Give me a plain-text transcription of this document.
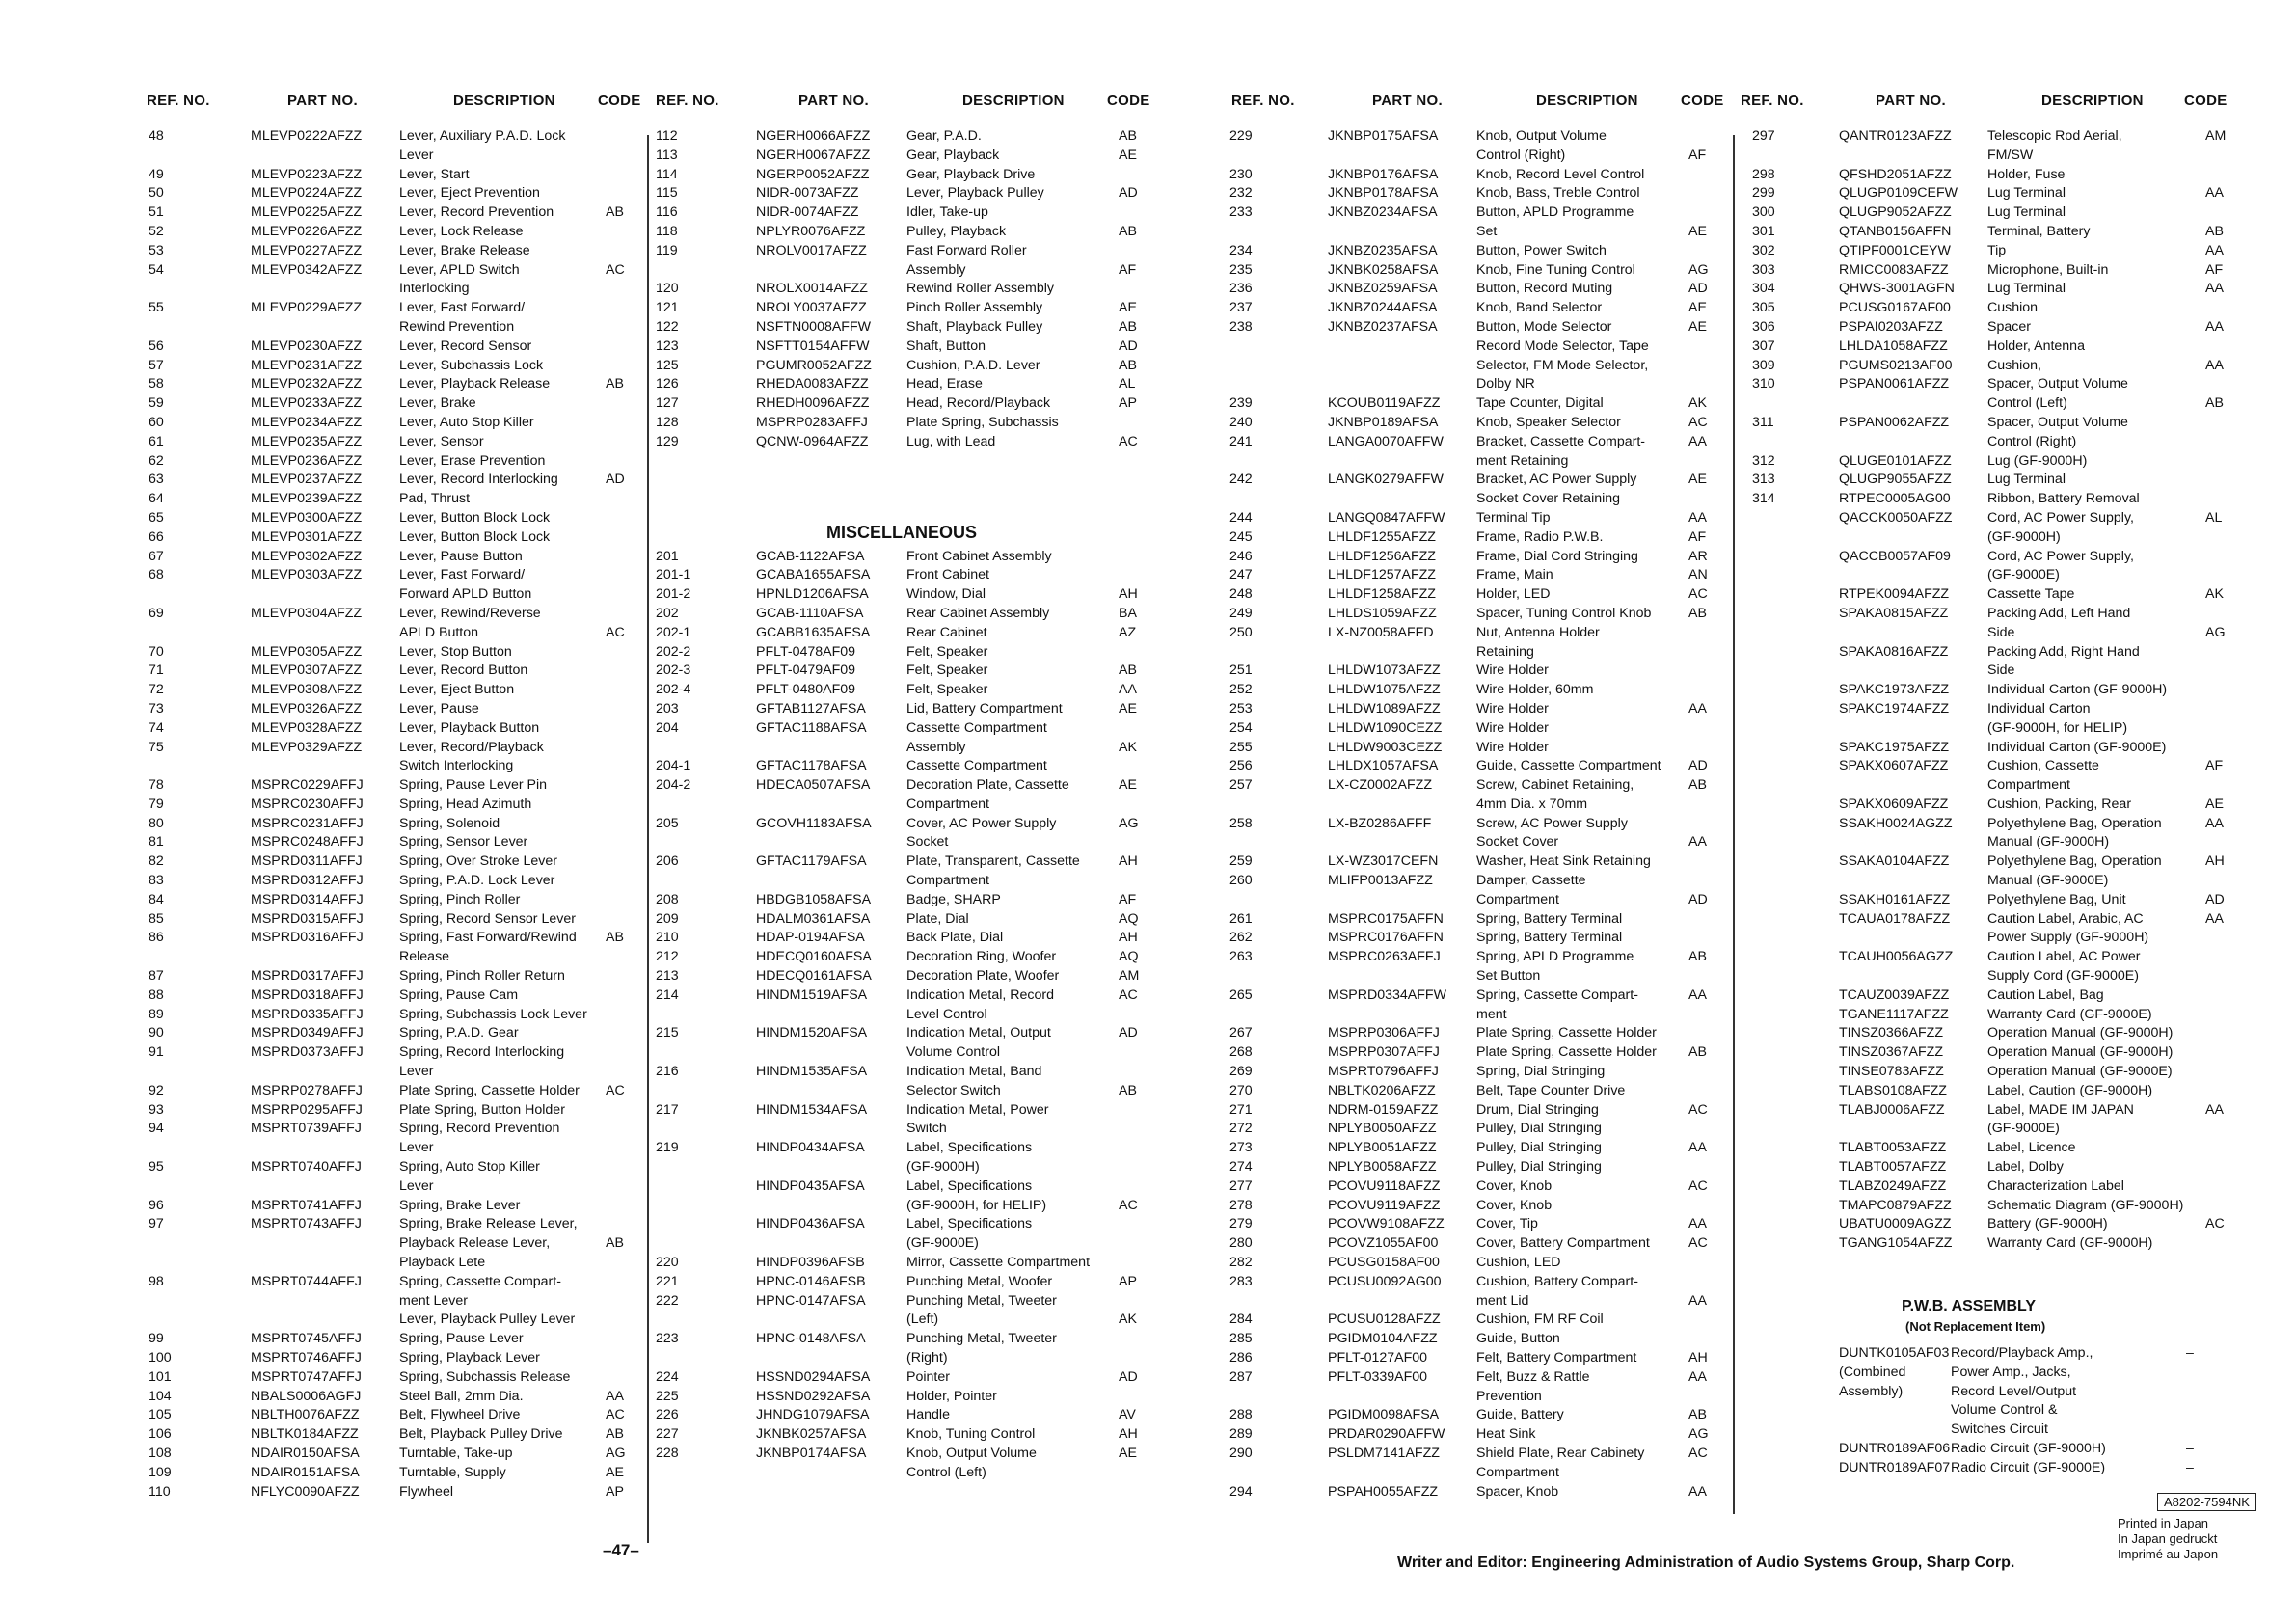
REF. NO.	PART NO.	DESCRIPTION	CODE
48	MLEVP0222AFZZ	Lever, Auxiliary P.A.D. Lock
Lever
49	MLEVP0223AFZZ	Lever, Start
50	MLEVP0224AFZZ	Lever, Eject Prevention
51	MLEVP0225AFZZ	Lever, Record Prevention	AB
52	MLEVP0226AFZZ	Lever, Lock Release
53	MLEVP0227AFZZ	Lever, Brake Release
54	MLEVP0342AFZZ	Lever, APLD Switch	AC
Interlocking
55	MLEVP0229AFZZ	Lever, Fast Forward/
Rewind Prevention
56	MLEVP0230AFZZ	Lever, Record Sensor
57	MLEVP0231AFZZ	Lever, Subchassis Lock
58	MLEVP0232AFZZ	Lever, Playback Release	AB
59	MLEVP0233AFZZ	Lever, Brake
60	MLEVP0234AFZZ	Lever, Auto Stop Killer
61	MLEVP0235AFZZ	Lever, Sensor
62	MLEVP0236AFZZ	Lever, Erase Prevention
63	MLEVP0237AFZZ	Lever, Record Interlocking	AD
64	MLEVP0239AFZZ	Pad, Thrust
65	MLEVP0300AFZZ	Lever, Button Block Lock
66	MLEVP0301AFZZ	Lever, Button Block Lock
67	MLEVP0302AFZZ	Lever, Pause Button
68	MLEVP0303AFZZ	Lever, Fast Forward/
Forward APLD Button
69	MLEVP0304AFZZ	Lever, Rewind/Reverse
APLD Button	AC
70	MLEVP0305AFZZ	Lever, Stop Button
71	MLEVP0307AFZZ	Lever, Record Button
72	MLEVP0308AFZZ	Lever, Eject Button
73	MLEVP0326AFZZ	Lever, Pause
74	MLEVP0328AFZZ	Lever, Playback Button
75	MLEVP0329AFZZ	Lever, Record/Playback
Switch Interlocking
78	MSPRC0229AFFJ	Spring, Pause Lever Pin
79	MSPRC0230AFFJ	Spring, Head Azimuth
80	MSPRC0231AFFJ	Spring, Solenoid
81	MSPRC0248AFFJ	Spring, Sensor Lever
82	MSPRD0311AFFJ	Spring, Over Stroke Lever
83	MSPRD0312AFFJ	Spring, P.A.D. Lock Lever
84	MSPRD0314AFFJ	Spring, Pinch Roller
85	MSPRD0315AFFJ	Spring, Record Sensor Lever
86	MSPRD0316AFFJ	Spring, Fast Forward/Rewind AB
Release
87	MSPRD0317AFFJ	Spring, Pinch Roller Return
88	MSPRD0318AFFJ	Spring, Pause Cam
89	MSPRD0335AFFJ	Spring, Subchassis Lock Lever
90	MSPRD0349AFFJ	Spring, P.A.D. Gear
91	MSPRD0373AFFJ	Spring, Record Interlocking
Lever
92	MSPRP0278AFFJ	Plate Spring, Cassette Holder AC
93	MSPRP0295AFFJ	Plate Spring, Button Holder
94	MSPRT0739AFFJ	Spring, Record Prevention
Lever
95	MSPRT0740AFFJ	Spring, Auto Stop Killer
Lever
96	MSPRT0741AFFJ	Spring, Brake Lever
97	MSPRT0743AFFJ	Spring, Brake Release Lever,
Playback Release Lever,	AB
Playback Lete
98	MSPRT0744AFFJ	Spring, Cassette Compart-
ment Lever
Lever, Playback Pulley Lever
99	MSPRT0745AFFJ	Spring, Pause Lever
100	MSPRT0746AFFJ	Spring, Playback Lever
101	MSPRT0747AFFJ	Spring, Subchassis Release
104	NBALS0006AGFJ	Steel Ball, 2mm Dia.	AA
105	NBLTH0076AFZZ	Belt, Flywheel Drive	AC
106	NBLTK0184AFZZ	Belt, Playback Pulley Drive	AB
108	NDAIR0150AFSA	Turntable, Take-up	AG
109	NDAIR0151AFSA	Turntable, Supply	AE
110	NFLYC0090AFZZ	Flywheel	AP
REF. NO.	PART NO.	DESCRIPTION	CODE
112	NGERH0066AFZZ	Gear, P.A.D.	AB
113	NGERH0067AFZZ	Gear, Playback	AE
114	NGERP0052AFZZ	Gear, Playback Drive
115	NIDR-0073AFZZ	Lever, Playback Pulley	AD
116	NIDR-0074AFZZ	Idler, Take-up
118	NPLYR0076AFZZ	Pulley, Playback	AB
119	NROLV0017AFZZ	Fast Forward Roller
Assembly	AF
120	NROLX0014AFZZ	Rewind Roller Assembly
121	NROLY0037AFZZ	Pinch Roller Assembly	AE
122	NSFTN0008AFFW	Shaft, Playback Pulley	AB
123	NSFTT0154AFFW	Shaft, Button	AD
125	PGUMR0052AFZZ	Cushion, P.A.D. Lever	AB
126	RHEDA0083AFZZ	Head, Erase	AL
127	RHEDH0096AFZZ	Head, Record/Playback	AP
128	MSPRP0283AFFJ	Plate Spring, Subchassis
129	QCNW-0964AFZZ	Lug, with Lead	AC
201	GCAB-1122AFSA	Front Cabinet Assembly
201-1	GCABA1655AFSA	Front Cabinet
201-2	HPNLD1206AFSA	Window, Dial	AH
202	GCAB-1110AFSA	Rear Cabinet Assembly	BA
202-1	GCABB1635AFSA	Rear Cabinet	AZ
202-2	PFLT-0478AF09	Felt, Speaker
202-3	PFLT-0479AF09	Felt, Speaker	AB
202-4	PFLT-0480AF09	Felt, Speaker	AA
203	GFTAB1127AFSA	Lid, Battery Compartment	AE
204	GFTAC1188AFSA	Cassette Compartment
Assembly	AK
204-1	GFTAC1178AFSA	Cassette Compartment
204-2	HDECA0507AFSA	Decoration Plate, Cassette	AE
Compartment
205	GCOVH1183AFSA	Cover, AC Power Supply	AG
Socket
206	GFTAC1179AFSA	Plate, Transparent, Cassette	AH
Compartment
208	HBDGB1058AFSA	Badge, SHARP	AF
209	HDALM0361AFSA	Plate, Dial	AQ
210	HDAP-0194AFSA	Back Plate, Dial	AH
212	HDECQ0160AFSA	Decoration Ring, Woofer	AQ
213	HDECQ0161AFSA	Decoration Plate, Woofer	AM
214	HINDM1519AFSA	Indication Metal, Record	AC
Level Control
215	HINDM1520AFSA	Indication Metal, Output	AD
Volume Control
216	HINDM1535AFSA	Indication Metal, Band
Selector Switch	AB
217	HINDM1534AFSA	Indication Metal, Power
Switch
219	HINDP0434AFSA	Label, Specifications
(GF-9000H)
HINDP0435AFSA	Label, Specifications
(GF-9000H, for HELIP)	AC
HINDP0436AFSA	Label, Specifications
(GF-9000E)
220	HINDP0396AFSB	Mirror, Cassette Compartment
221	HPNC-0146AFSB	Punching Metal, Woofer	AP
222	HPNC-0147AFSA	Punching Metal, Tweeter
(Left)	AK
223	HPNC-0148AFSA	Punching Metal, Tweeter
(Right)
224	HSSND0294AFSA	Pointer	AD
225	HSSND0292AFSA	Holder, Pointer
226	JHNDG1079AFSA	Handle	AV
227	JKNBK0257AFSA	Knob, Tuning Control	AH
228	JKNBP0174AFSA	Knob, Output Volume	AE
Control (Left)
MISCELLANEOUS
REF. NO.	PART NO.	DESCRIPTION	CODE
229	JKNBP0175AFSA	Knob, Output Volume
Control (Right)	AF
230	JKNBP0176AFSA	Knob, Record Level Control
232	JKNBP0178AFSA	Knob, Bass, Treble Control
233	JKNBZ0234AFSA	Button, APLD Programme
Set	AE
234	JKNBZ0235AFSA	Button, Power Switch
235	JKNBK0258AFSA	Knob, Fine Tuning Control	AG
236	JKNBZ0259AFSA	Button, Record Muting	AD
237	JKNBZ0244AFSA	Knob, Band Selector	AE
238	JKNBZ0237AFSA	Button, Mode Selector	AE
Record Mode Selector, Tape
Selector, FM Mode Selector,
Dolby NR
239	KCOUB0119AFZZ	Tape Counter, Digital	AK
240	JKNBP0189AFSA	Knob, Speaker Selector	AC
241	LANGA0070AFFW Bracket, Cassette Compart-	AA
ment Retaining
242	LANGK0279AFFW Bracket, AC Power Supply	AE
Socket Cover Retaining
244	LANGQ0847AFFW Terminal Tip	AA
245	LHLDF1255AFZZ	Frame, Radio P.W.B.	AF
246	LHLDF1256AFZZ	Frame, Dial Cord Stringing	AR
247	LHLDF1257AFZZ	Frame, Main	AN
248	LHLDF1258AFZZ	Holder, LED	AC
249	LHLDS1059AFZZ	Spacer, Tuning Control Knob	AB
250	LX-NZ0058AFFD	Nut, Antenna Holder
Retaining
251	LHLDW1073AFZZ	Wire Holder
252	LHLDW1075AFZZ	Wire Holder, 60mm
253	LHLDW1089AFZZ	Wire Holder	AA
254	LHLDW1090CEZZ	Wire Holder
255	LHLDW9003CEZZ	Wire Holder
256	LHLDX1057AFSA	Guide, Cassette Compartment AD
257	LX-CZ0002AFZZ	Screw, Cabinet Retaining,	AB
4mm Dia. x 70mm
258	LX-BZ0286AFFF	Screw, AC Power Supply
Socket Cover	AA
259	LX-WZ3017CEFN	Washer, Heat Sink Retaining
260	MLIFP0013AFZZ	Damper, Cassette
Compartment	AD
261	MSPRC0175AFFN Spring, Battery Terminal
262	MSPRC0176AFFN Spring, Battery Terminal
263	MSPRC0263AFFJ	Spring, APLD Programme	AB
Set Button
265	MSPRD0334AFFW Spring, Cassette Compart-	AA
ment
267	MSPRP0306AFFJ	Plate Spring, Cassette Holder
268	MSPRP0307AFFJ	Plate Spring, Cassette Holder AB
269	MSPRT0796AFFJ	Spring, Dial Stringing
270	NBLTK0206AFZZ	Belt, Tape Counter Drive
271	NDRM-0159AFZZ	Drum, Dial Stringing	AC
272	NPLYB0050AFZZ	Pulley, Dial Stringing
273	NPLYB0051AFZZ	Pulley, Dial Stringing	AA
274	NPLYB0058AFZZ	Pulley, Dial Stringing
277	PCOVU9118AFZZ	Cover, Knob	AC
278	PCOVU9119AFZZ	Cover, Knob
279	PCOVW9108AFZZ Cover, Tip	AA
280	PCOVZ1055AF00	Cover, Battery Compartment	AC
282	PCUSG0158AF00	Cushion, LED
283	PCUSU0092AG00	Cushion, Battery Compart-
ment Lid	AA
284	PCUSU0128AFZZ	Cushion, FM RF Coil
285	PGIDM0104AFZZ	Guide, Button
286	PFLT-0127AF00	Felt, Battery Compartment	AH
287	PFLT-0339AF00	Felt, Buzz & Rattle	AA
Prevention
288	PGIDM0098AFSA	Guide, Battery	AB
289	PRDAR0290AFFW Heat Sink	AG
290	PSLDM7141AFZZ	Shield Plate, Rear Cabinety	AC
Compartment
294	PSPAH0055AFZZ	Spacer, Knob	AA
REF. NO.	PART NO.	DESCRIPTION	CODE
297	QANTR0123AFZZ	Telescopic Rod Aerial,	AM
FM/SW
298	QFSHD2051AFZZ	Holder, Fuse
299	QLUGP0109CEFW Lug Terminal	AA
300	QLUGP9052AFZZ	Lug Terminal
301	QTANB0156AFFN	Terminal, Battery	AB
302	QTIPF0001CEYW	Tip	AA
303	RMICC0083AFZZ	Microphone, Built-in	AF
304	QHWS-3001AGFN Lug Terminal	AA
305	PCUSG0167AF00	Cushion
306	PSPAI0203AFZZ	Spacer	AA
307	LHLDA1058AFZZ	Holder, Antenna
309	PGUMS0213AF00	Cushion,	AA
310	PSPAN0061AFZZ	Spacer, Output Volume
Control (Left)	AB
311	PSPAN0062AFZZ	Spacer, Output Volume
Control (Right)
312	QLUGE0101AFZZ	Lug (GF-9000H)
313	QLUGP9055AFZZ	Lug Terminal
314	RTPEC0005AG00	Ribbon, Battery Removal
QACCK0050AFZZ	Cord, AC Power Supply,	AL
(GF-9000H)
QACCB0057AF09	Cord, AC Power Supply,
(GF-9000E)
RTPEK0094AFZZ	Cassette Tape	AK
SPAKA0815AFZZ	Packing Add, Left Hand
Side	AG
SPAKA0816AFZZ	Packing Add, Right Hand
Side
SPAKC1973AFZZ	Individual Carton (GF-9000H)
SPAKC1974AFZZ	Individual Carton
(GF-9000H, for HELIP)
SPAKC1975AFZZ	Individual Carton (GF-9000E)
SPAKX0607AFZZ	Cushion, Cassette	AF
Compartment
SPAKX0609AFZZ	Cushion, Packing, Rear	AE
SSAKH0024AGZZ	Polyethylene Bag, Operation	AA
Manual (GF-9000H)
SSAKA0104AFZZ	Polyethylene Bag, Operation	AH
Manual (GF-9000E)
SSAKH0161AFZZ	Polyethylene Bag, Unit	AD
TCAUA0178AFZZ	Caution Label, Arabic, AC	AA
Power Supply (GF-9000H)
TCAUH0056AGZZ	Caution Label, AC Power
Supply Cord (GF-9000E)
TCAUZ0039AFZZ	Caution Label, Bag
TGANE1117AFZZ	Warranty Card (GF-9000E)
TINSZ0366AFZZ	Operation Manual (GF-9000H)
TINSZ0367AFZZ	Operation Manual (GF-9000H)
TINSE0783AFZZ	Operation Manual (GF-9000E)
TLABS0108AFZZ	Label, Caution (GF-9000H)
TLABJ0006AFZZ	Label, MADE IM JAPAN	AA
(GF-9000E)
TLABT0053AFZZ	Label, Licence
TLABT0057AFZZ	Label, Dolby
TLABZ0249AFZZ	Characterization Label
TMAPC0879AFZZ	Schematic Diagram (GF-9000H)
UBATU0009AGZZ	Battery (GF-9000H)	AC
TGANG1054AFZZ	Warranty Card (GF-9000H)
P.W.B. ASSEMBLY
(Not Replacement Item)
DUNTK0105AF03 Record/Playback Amp.,	–
(Combined	Power Amp., Jacks,
Assembly)	Record Level/Output
Volume Control &
Switches Circuit
DUNTR0189AF06 Radio Circuit (GF-9000H)	–
DUNTR0189AF07 Radio Circuit (GF-9000E)	–
–47–
Writer and Editor: Engineering Administration of Audio Systems Group, Sharp Corp.
A8202-7594NK
Printed in Japan
In Japan gedruckt
Imprimé au Japon
